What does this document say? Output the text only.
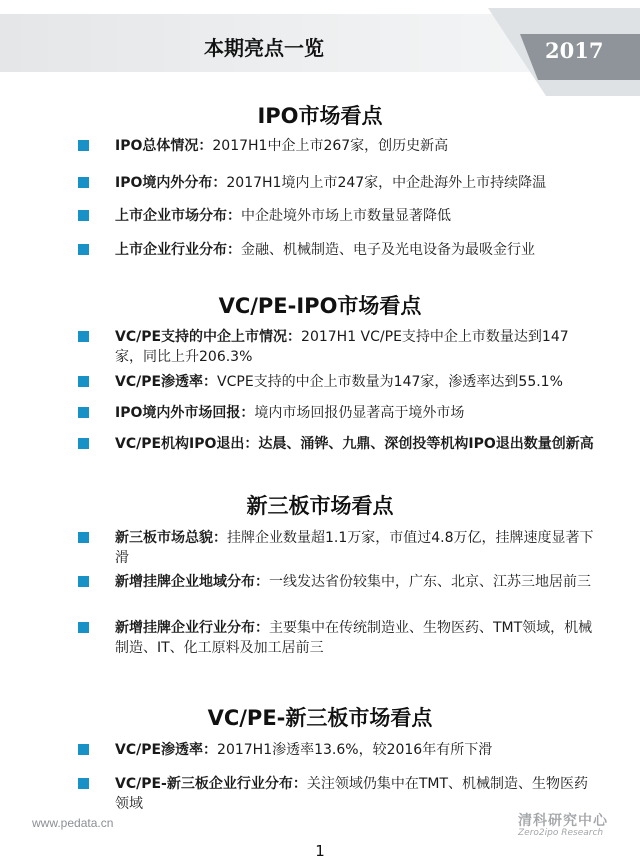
本期亮点一览	2017
IPO市场看点
IPO总体情况：2017H1中企上市267家，创历史新高
IPO境内外分布：2017H1境内上市247家，中企赴海外上市持续降温
上市企业市场分布：中企赴境外市场上市数量显著降低
上市企业行业分布：金融、机械制造、电子及光电设备为最吸金行业
VC/PE-IPO市场看点
VC/PE支持的中企上市情况：2017H1 VC/PE支持中企上市数量达到147家，同比上升206.3%
VC/PE渗透率：VCPE支持的中企上市数量为147家，渗透率达到55.1%
IPO境内外市场回报：境内市场回报仍显著高于境外市场
VC/PE机构IPO退出：达晨、涌铧、九鼎、深创投等机构IPO退出数量创新高
新三板市场看点
新三板市场总貌：挂牌企业数量超1.1万家，市值过4.8万亿，挂牌速度显著下滑
新增挂牌企业地域分布：一线发达省份较集中，广东、北京、江苏三地居前三
新增挂牌企业行业分布：主要集中在传统制造业、生物医药、TMT领域，机械制造、IT、化工原料及加工居前三
VC/PE-新三板市场看点
VC/PE渗透率：2017H1渗透率13.6%，较2016年有所下滑
VC/PE-新三板企业行业分布：关注领域仍集中在TMT、机械制造、生物医药领域
www.pedata.cn	清科研究中心
Zero2ipo Research
1
